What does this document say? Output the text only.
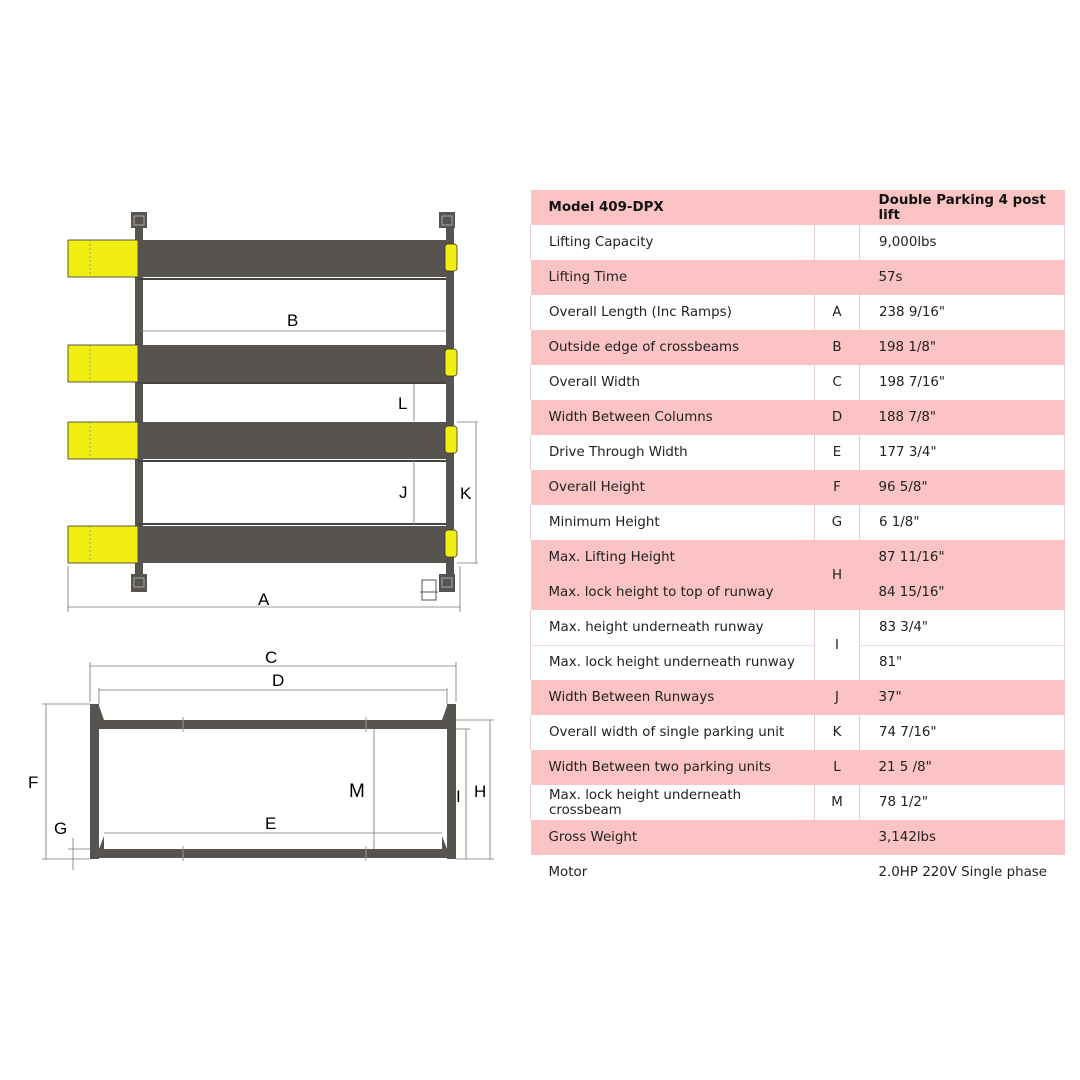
B
L
J	K
A
C
D
E
M
F
G
I H
Model 409-DPX		Double Parking 4 post lift
Lifting Capacity		9,000lbs
Lifting Time		57s
Overall Length (Inc Ramps)	A	238 9/16"
Outside edge of crossbeams	B	198 1/8"
Overall Width	C	198 7/16"
Width Between Columns	D	188 7/8"
Drive Through Width	E	177 3/4"
Overall Height	F	96 5/8"
Minimum Height	G	6 1/8"
Max. Lifting Height	H	87 11/16"
Max. lock height to top of runway		84 15/16"
Max. height underneath runway	I	83 3/4"
Max. lock height underneath runway		81"
Width Between Runways	J	37"
Overall width of single parking unit	K	74 7/16"
Width Between two parking units	L	21 5 /8"
Max. lock height underneath crossbeam	M	78 1/2"
Gross Weight		3,142lbs
Motor		2.0HP 220V Single phase
